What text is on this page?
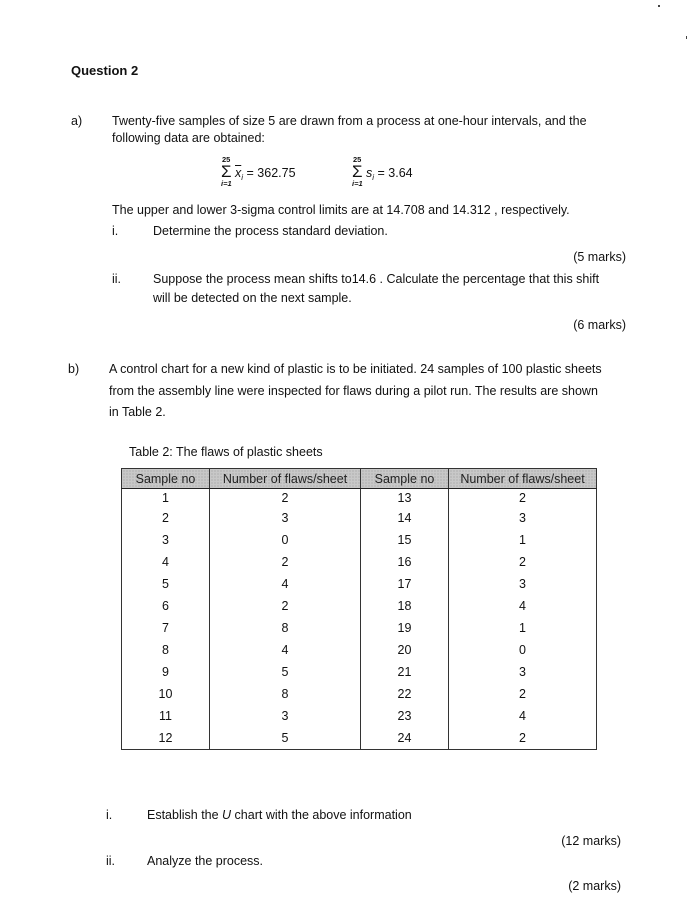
Question 2
a) Twenty-five samples of size 5 are drawn from a process at one-hour intervals, and the
following data are obtained:
25
Σ
i=1
$\overline{x}_i = 362.75$
25
Σ
i=1
$s_i = 3.64$
The upper and lower 3-sigma control limits are at 14.708 and 14.312 , respectively.
i.	Determine the process standard deviation.
(5 marks)
ii.	Suppose the process mean shifts to14.6 . Calculate the percentage that this shift
will be detected on the next sample.
(6 marks)
b) A control chart for a new kind of plastic is to be initiated. 24 samples of 100 plastic sheets
from the assembly line were inspected for flaws during a pilot run. The results are shown
in Table 2.
Table 2: The flaws of plastic sheets
Sample no	Number of flaws/sheet	Sample no	Number of flaws/sheet
1	2	13	2
2	3	14	3
3	0	15	1
4	2	16	2
5	4	17	3
6	2	18	4
7	8	19	1
8	4	20	0
9	5	21	3
10	8	22	2
11	3	23	4
12	5	24	2
i.	Establish the U chart with the above information
(12 marks)
ii.	Analyze the process.
(2 marks)
